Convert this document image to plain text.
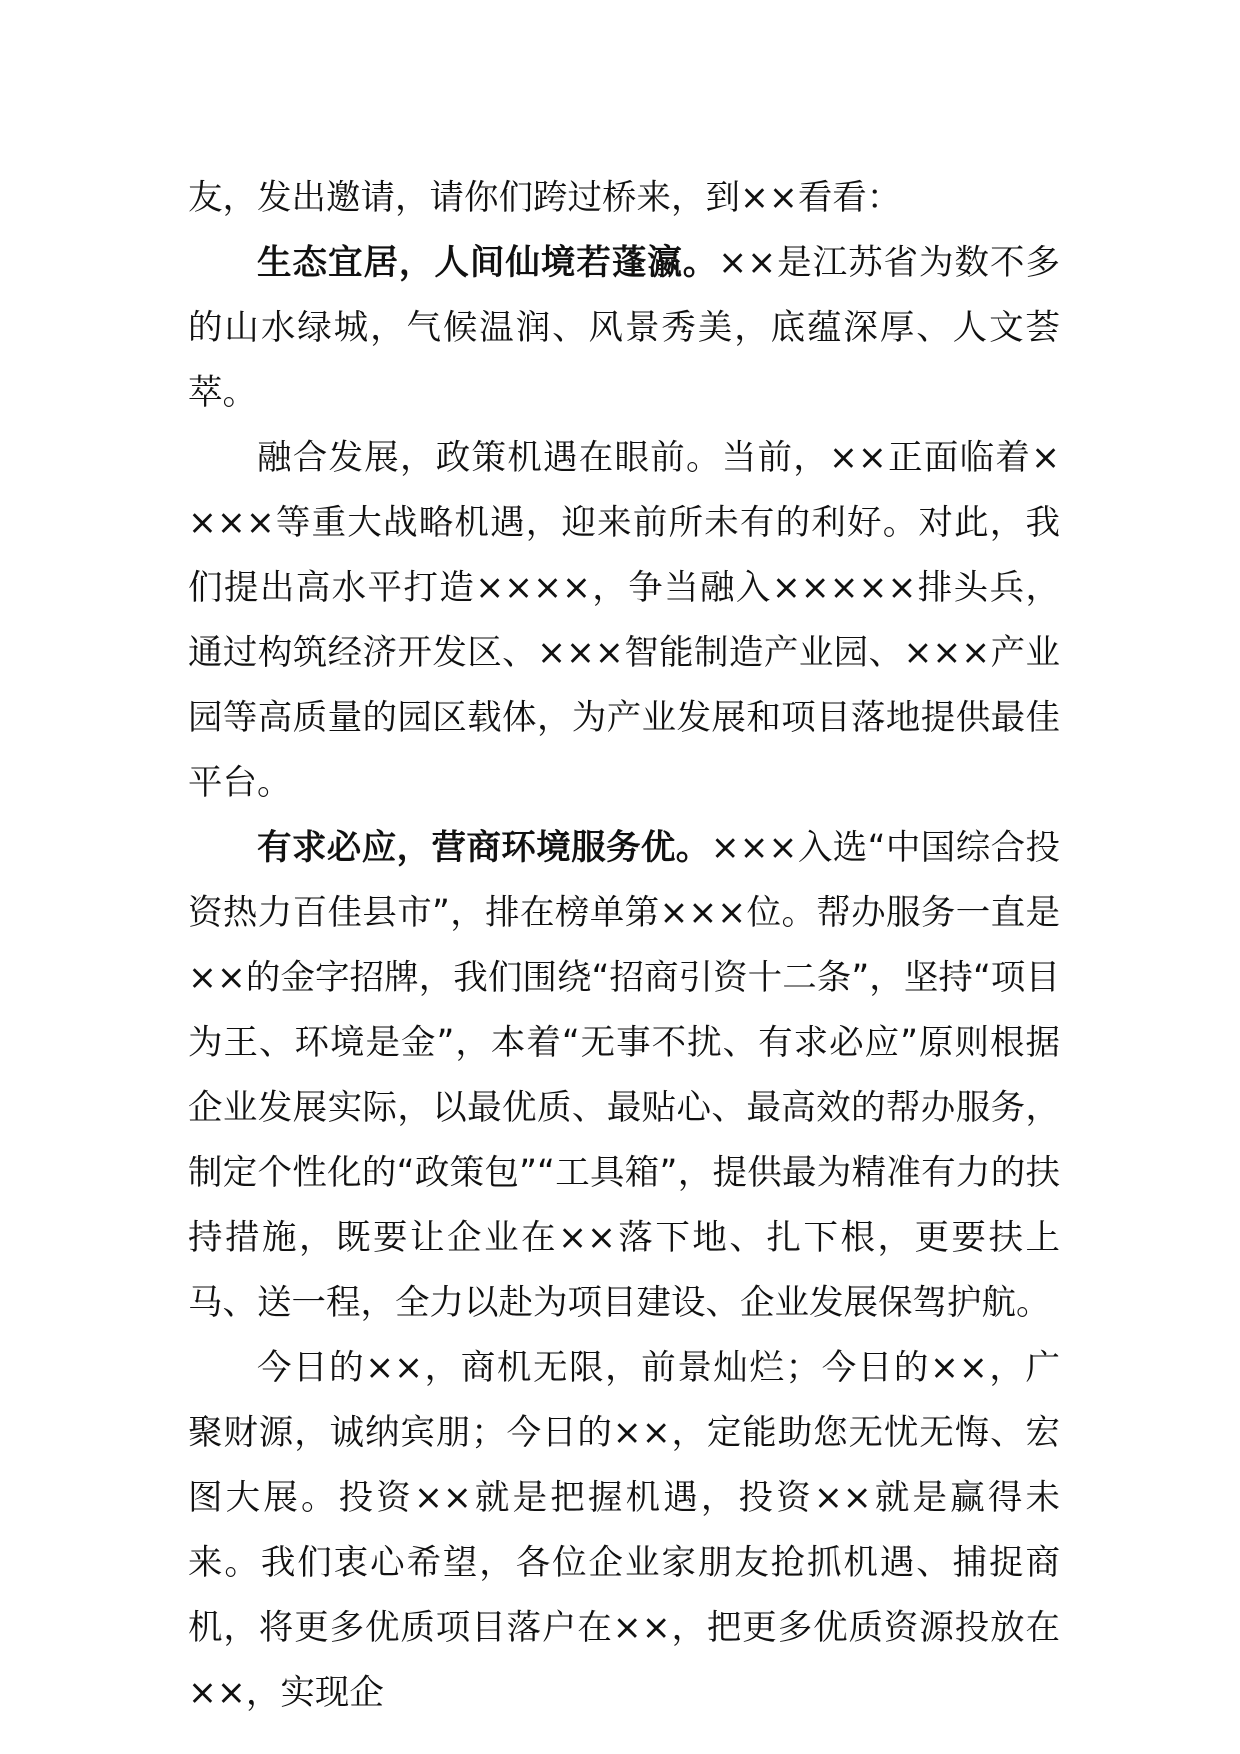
友，发出邀请，请你们跨过桥来，到××看看：

生态宜居，人间仙境若蓬瀛。××是江苏省为数不多的山水绿城，气候温润、风景秀美，底蕴深厚、人文荟萃。

融合发展，政策机遇在眼前。当前，××正面临着××××等重大战略机遇，迎来前所未有的利好。对此，我们提出高水平打造××××，争当融入×××××排头兵，通过构筑经济开发区、×××智能制造产业园、×××产业园等高质量的园区载体，为产业发展和项目落地提供最佳平台。

有求必应，营商环境服务优。×××入选“中国综合投资热力百佳县市”，排在榜单第×××位。帮办服务一直是××的金字招牌，我们围绕“招商引资十二条”，坚持“项目为王、环境是金”，本着“无事不扰、有求必应”原则根据企业发展实际，以最优质、最贴心、最高效的帮办服务，制定个性化的“政策包”“工具箱”，提供最为精准有力的扶持措施，既要让企业在××落下地、扎下根，更要扶上马、送一程，全力以赴为项目建设、企业发展保驾护航。

今日的××，商机无限，前景灿烂；今日的××，广聚财源，诚纳宾朋；今日的××，定能助您无忧无悔、宏图大展。投资××就是把握机遇，投资××就是赢得未来。我们衷心希望，各位企业家朋友抢抓机遇、捕捉商机，将更多优质项目落户在××，把更多优质资源投放在××，实现企
